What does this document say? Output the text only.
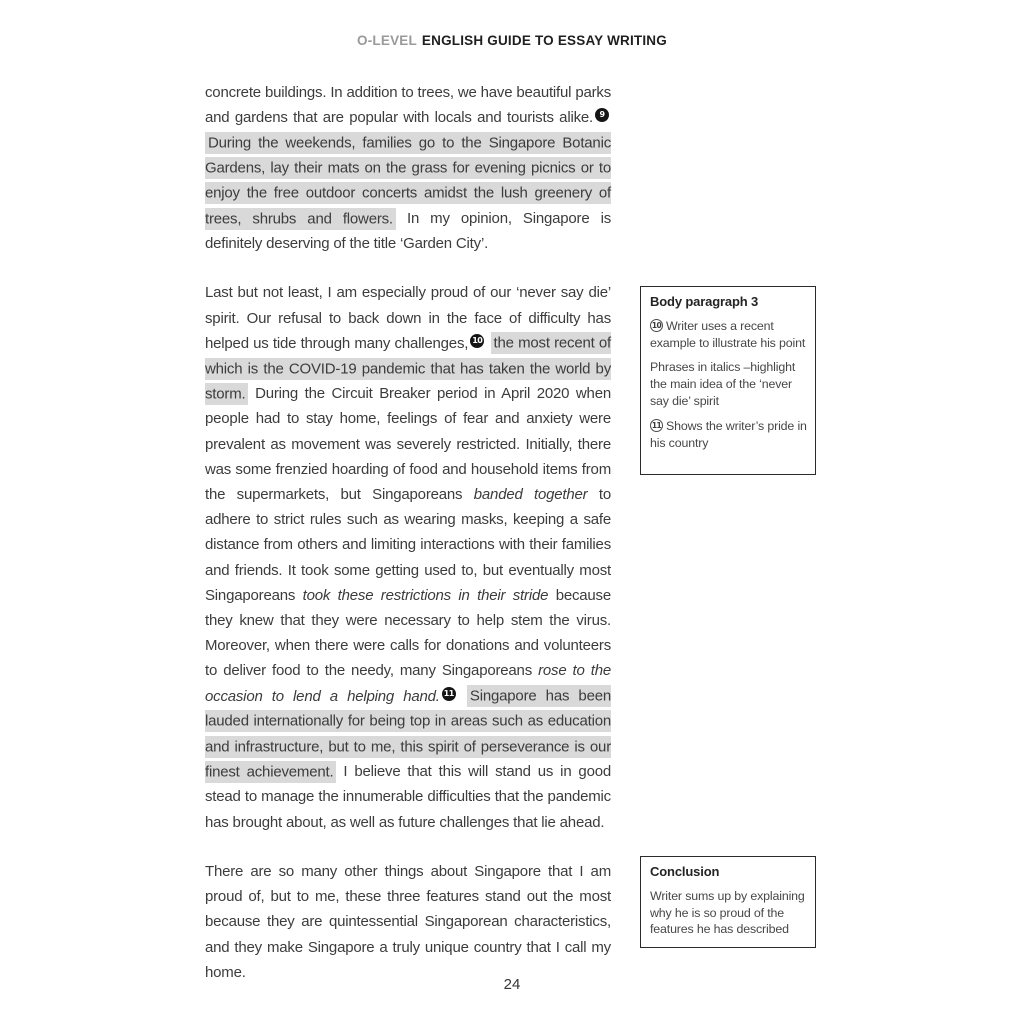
O-LEVEL ENGLISH GUIDE TO ESSAY WRITING

concrete buildings. In addition to trees, we have beautiful parks and gardens that are popular with locals and tourists alike. 9 During the weekends, families go to the Singapore Botanic Gardens, lay their mats on the grass for evening picnics or to enjoy the free outdoor concerts amidst the lush greenery of trees, shrubs and flowers. In my opinion, Singapore is definitely deserving of the title ‘Garden City’.

Last but not least, I am especially proud of our ‘never say die’ spirit. Our refusal to back down in the face of difficulty has helped us tide through many challenges, 10 the most recent of which is the COVID-19 pandemic that has taken the world by storm. During the Circuit Breaker period in April 2020 when people had to stay home, feelings of fear and anxiety were prevalent as movement was severely restricted. Initially, there was some frenzied hoarding of food and household items from the supermarkets, but Singaporeans banded together to adhere to strict rules such as wearing masks, keeping a safe distance from others and limiting interactions with their families and friends. It took some getting used to, but eventually most Singaporeans took these restrictions in their stride because they knew that they were necessary to help stem the virus. Moreover, when there were calls for donations and volunteers to deliver food to the needy, many Singaporeans rose to the occasion to lend a helping hand. 11 Singapore has been lauded internationally for being top in areas such as education and infrastructure, but to me, this spirit of perseverance is our finest achievement. I believe that this will stand us in good stead to manage the innumerable difficulties that the pandemic has brought about, as well as future challenges that lie ahead.

There are so many other things about Singapore that I am proud of, but to me, these three features stand out the most because they are quintessential Singaporean characteristics, and they make Singapore a truly unique country that I call my home.

Body paragraph 3
10 Writer uses a recent example to illustrate his point
Phrases in italics –highlight the main idea of the ‘never say die’ spirit
11 Shows the writer’s pride in his country
Conclusion
Writer sums up by explaining why he is so proud of the features he has described
24
